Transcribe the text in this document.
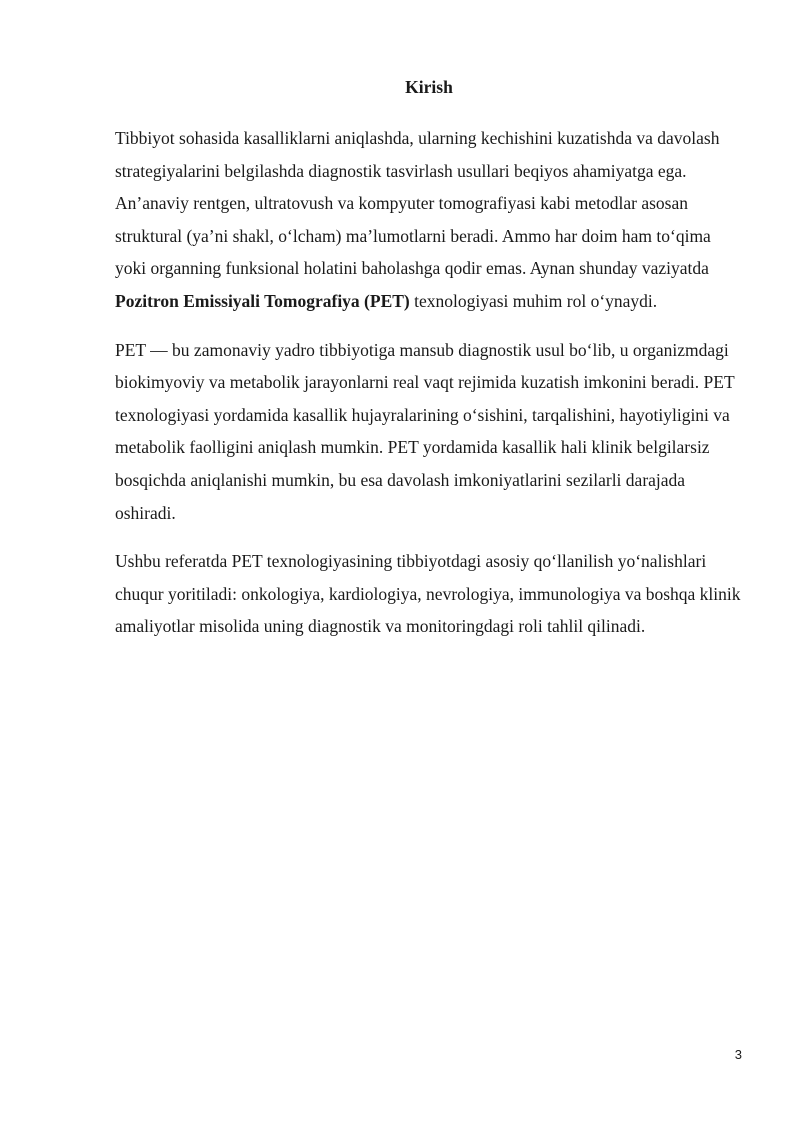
Kirish

Tibbiyot sohasida kasalliklarni aniqlashda, ularning kechishini kuzatishda va davolash strategiyalarini belgilashda diagnostik tasvirlash usullari beqiyos ahamiyatga ega. An’anaviy rentgen, ultratovush va kompyuter tomografiyasi kabi metodlar asosan struktural (ya’ni shakl, o‘lcham) ma’lumotlarni beradi. Ammo har doim ham to‘qima yoki organning funksional holatini baholashga qodir emas. Aynan shunday vaziyatda Pozitron Emissiyali Tomografiya (PET) texnologiyasi muhim rol o‘ynaydi.

PET — bu zamonaviy yadro tibbiyotiga mansub diagnostik usul bo‘lib, u organizmdagi biokimyoviy va metabolik jarayonlarni real vaqt rejimida kuzatish imkonini beradi. PET texnologiyasi yordamida kasallik hujayralarining o‘sishini, tarqalishini, hayotiyligini va metabolik faolligini aniqlash mumkin. PET yordamida kasallik hali klinik belgilarsiz bosqichda aniqlanishi mumkin, bu esa davolash imkoniyatlarini sezilarli darajada oshiradi.

Ushbu referatda PET texnologiyasining tibbiyotdagi asosiy qo‘llanilish yo‘nalishlari chuqur yoritiladi: onkologiya, kardiologiya, nevrologiya, immunologiya va boshqa klinik amaliyotlar misolida uning diagnostik va monitoringdagi roli tahlil qilinadi.

3
